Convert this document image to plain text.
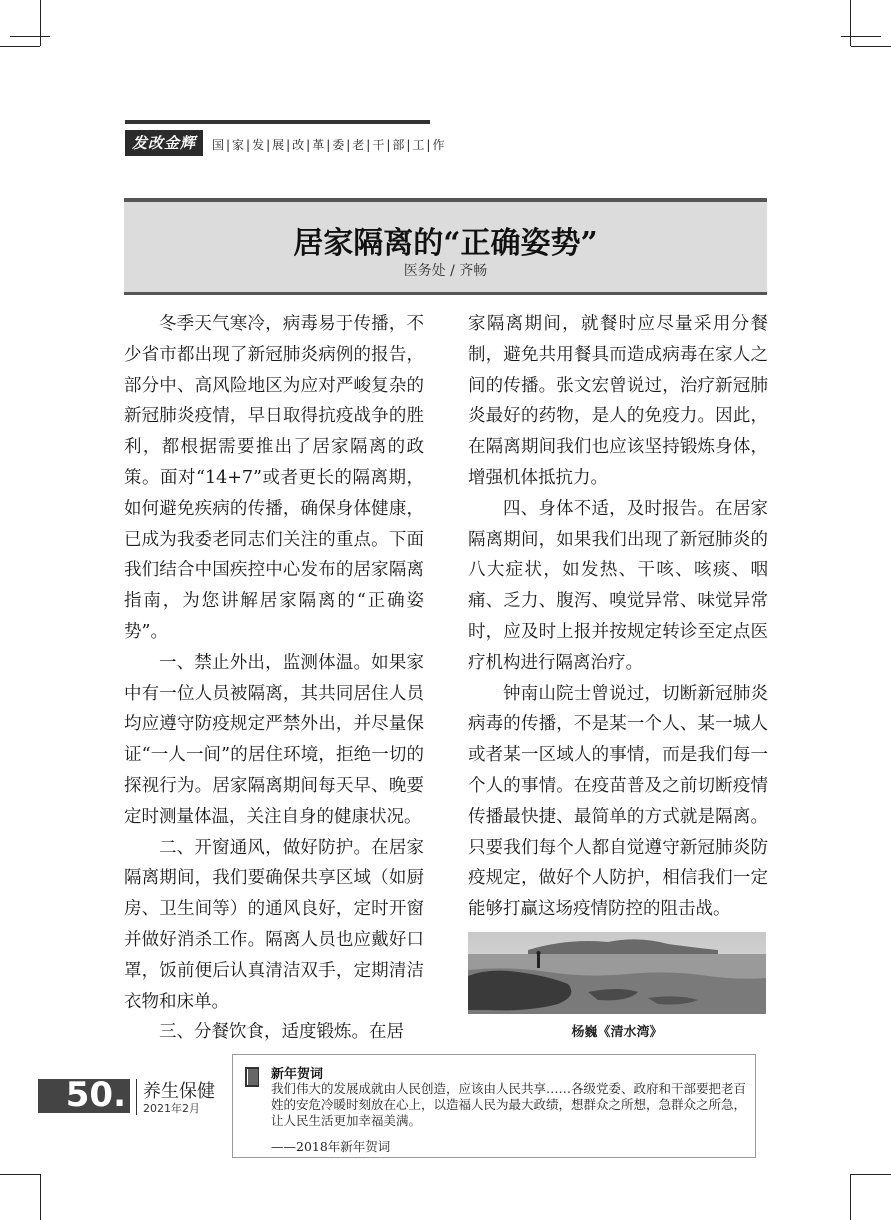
发改金辉	国|家|发|展|改|革|委|老|干|部|工|作
居家隔离的“正确姿势”
医务处 / 齐畅

冬季天气寒冷，病毒易于传播，不少省市都出现了新冠肺炎病例的报告，部分中、高风险地区为应对严峻复杂的新冠肺炎疫情，早日取得抗疫战争的胜利，都根据需要推出了居家隔离的政策。面对“14+7”或者更长的隔离期，如何避免疾病的传播，确保身体健康，已成为我委老同志们关注的重点。下面我们结合中国疾控中心发布的居家隔离指南，为您讲解居家隔离的“正确姿势”。

一、禁止外出，监测体温。如果家中有一位人员被隔离，其共同居住人员均应遵守防疫规定严禁外出，并尽量保证“一人一间”的居住环境，拒绝一切的探视行为。居家隔离期间每天早、晚要定时测量体温，关注自身的健康状况。

二、开窗通风，做好防护。在居家隔离期间，我们要确保共享区域（如厨房、卫生间等）的通风良好，定时开窗并做好消杀工作。隔离人员也应戴好口罩，饭前便后认真清洁双手，定期清洁衣物和床单。

三、分餐饮食，适度锻炼。在居

家隔离期间，就餐时应尽量采用分餐制，避免共用餐具而造成病毒在家人之间的传播。张文宏曾说过，治疗新冠肺炎最好的药物，是人的免疫力。因此，在隔离期间我们也应该坚持锻炼身体，增强机体抵抗力。

四、身体不适，及时报告。在居家隔离期间，如果我们出现了新冠肺炎的八大症状，如发热、干咳、咳痰、咽痛、乏力、腹泻、嗅觉异常、味觉异常时，应及时上报并按规定转诊至定点医疗机构进行隔离治疗。

钟南山院士曾说过，切断新冠肺炎病毒的传播，不是某一个人、某一城人或者某一区域人的事情，而是我们每一个人的事情。在疫苗普及之前切断疫情传播最快捷、最简单的方式就是隔离。只要我们每个人都自觉遵守新冠肺炎防疫规定，做好个人防护，相信我们一定能够打赢这场疫情防控的阻击战。

杨巍《清水湾》
50. 养生保健
2021年2月
新年贺词
我们伟大的发展成就由人民创造，应该由人民共享……各级党委、政府和干部要把老百姓的安危冷暖时刻放在心上，以造福人民为最大政绩，想群众之所想，急群众之所急，让人民生活更加幸福美满。
——2018年新年贺词
